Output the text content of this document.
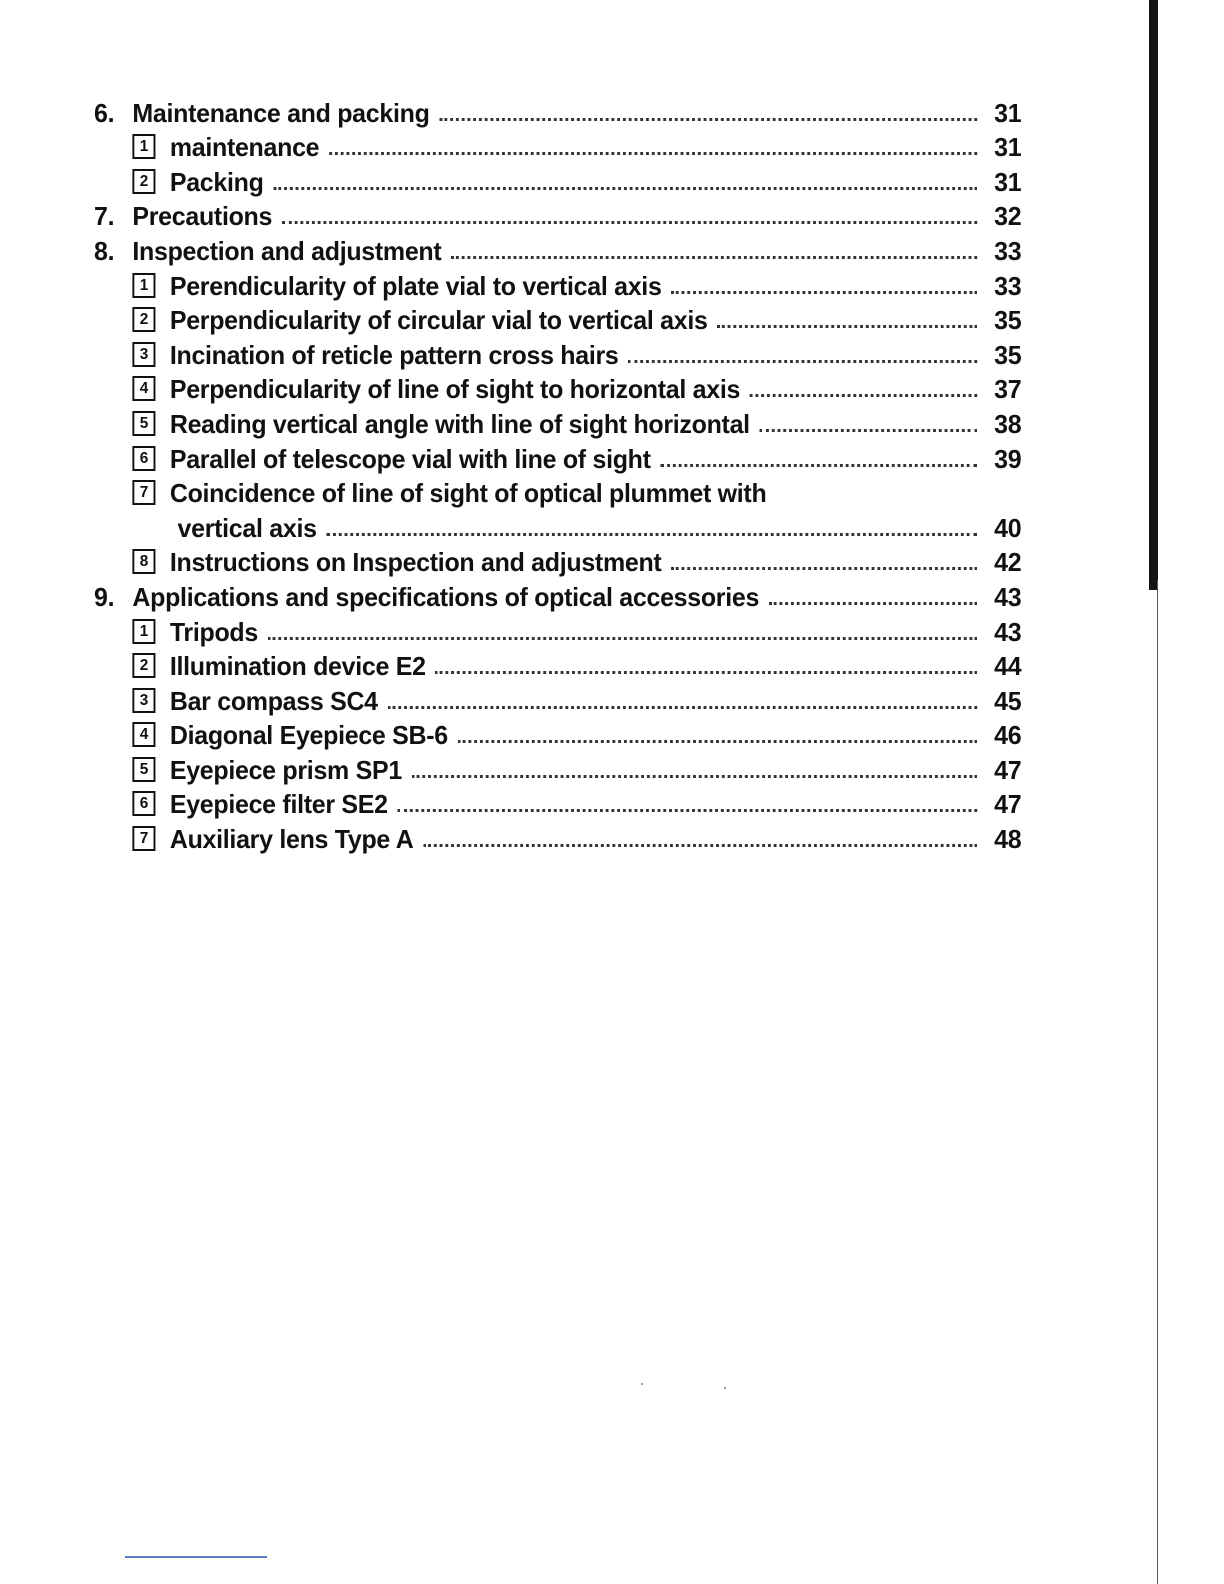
6. Maintenance and packing	31
1 maintenance	31
2 Packing	31
7. Precautions	32
8. Inspection and adjustment	33
1 Perendicularity of plate vial to vertical axis	33
2 Perpendicularity of circular vial to vertical axis	35
3 Incination of reticle pattern cross hairs	35
4 Perpendicularity of line of sight to horizontal axis	37
5 Reading vertical angle with line of sight horizontal	38
6 Parallel of telescope vial with line of sight	39
7 Coincidence of line of sight of optical plummet with
vertical axis	40
8 Instructions on Inspection and adjustment	42
9. Applications and specifications of optical accessories	43
1 Tripods	43
2 Illumination device E2	44
3 Bar compass SC4	45
4 Diagonal Eyepiece SB-6	46
5 Eyepiece prism SP1	47
6 Eyepiece filter SE2	47
7 Auxiliary lens Type A	48
